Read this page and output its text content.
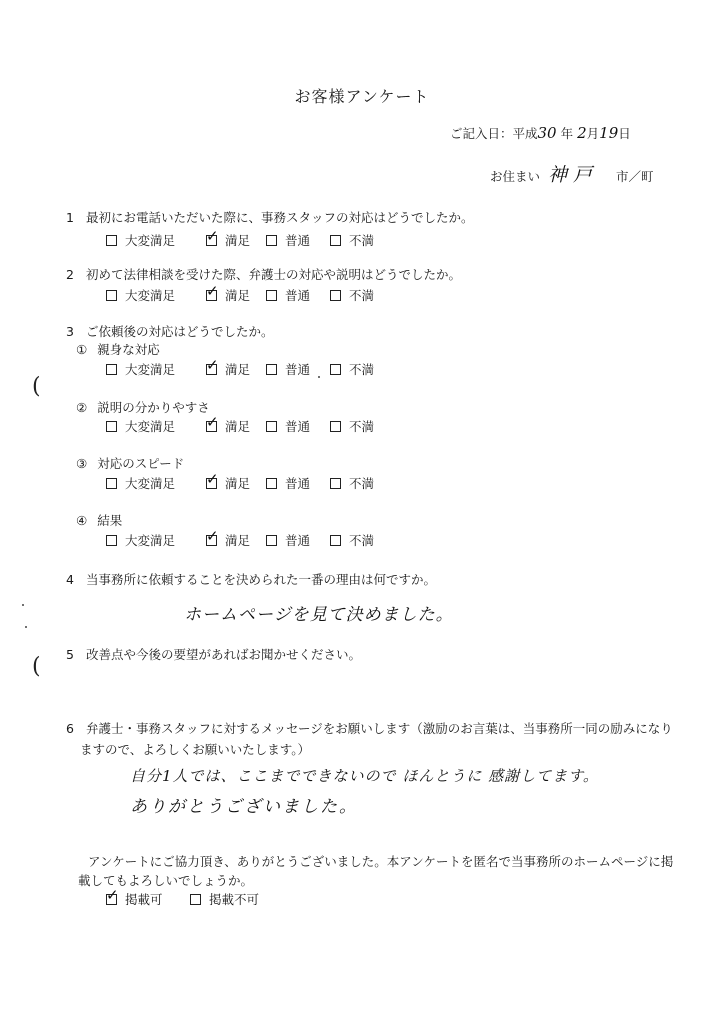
お客様アンケート
ご記入日：平成30 年 2月19日
お住まい 神戸 市／町
1 最初にお電話いただいた際に、事務スタッフの対応はどうでしたか。
大変満足 ✓ 満足	普通	不満
2 初めて法律相談を受けた際、弁護士の対応や説明はどうでしたか。
大変満足 ✓ 満足	普通	不満
3 ご依頼後の対応はどうでしたか。
① 親身な対応
大変満足 ✓ 満足	普通	不満
② 説明の分かりやすさ
大変満足 ✓ 満足	普通	不満
③ 対応のスピード
大変満足 ✓ 満足	普通	不満
④ 結果
大変満足 ✓ 満足	普通	不満
4 当事務所に依頼することを決められた一番の理由は何ですか。
ホームページを見て決めました。
5 改善点や今後の要望があればお聞かせください。
6 弁護士・事務スタッフに対するメッセージをお願いします（激励のお言葉は、当事務所一同の励みになり
ますので、よろしくお願いいたします。）
自分1人では、ここまでできないので ほんとうに 感謝してます。
ありがとうございました。
アンケートにご協力頂き、ありがとうございました。本アンケートを匿名で当事務所のホームページに掲
載してもよろしいでしょうか。
✓ 掲載可	掲載不可
(
(
